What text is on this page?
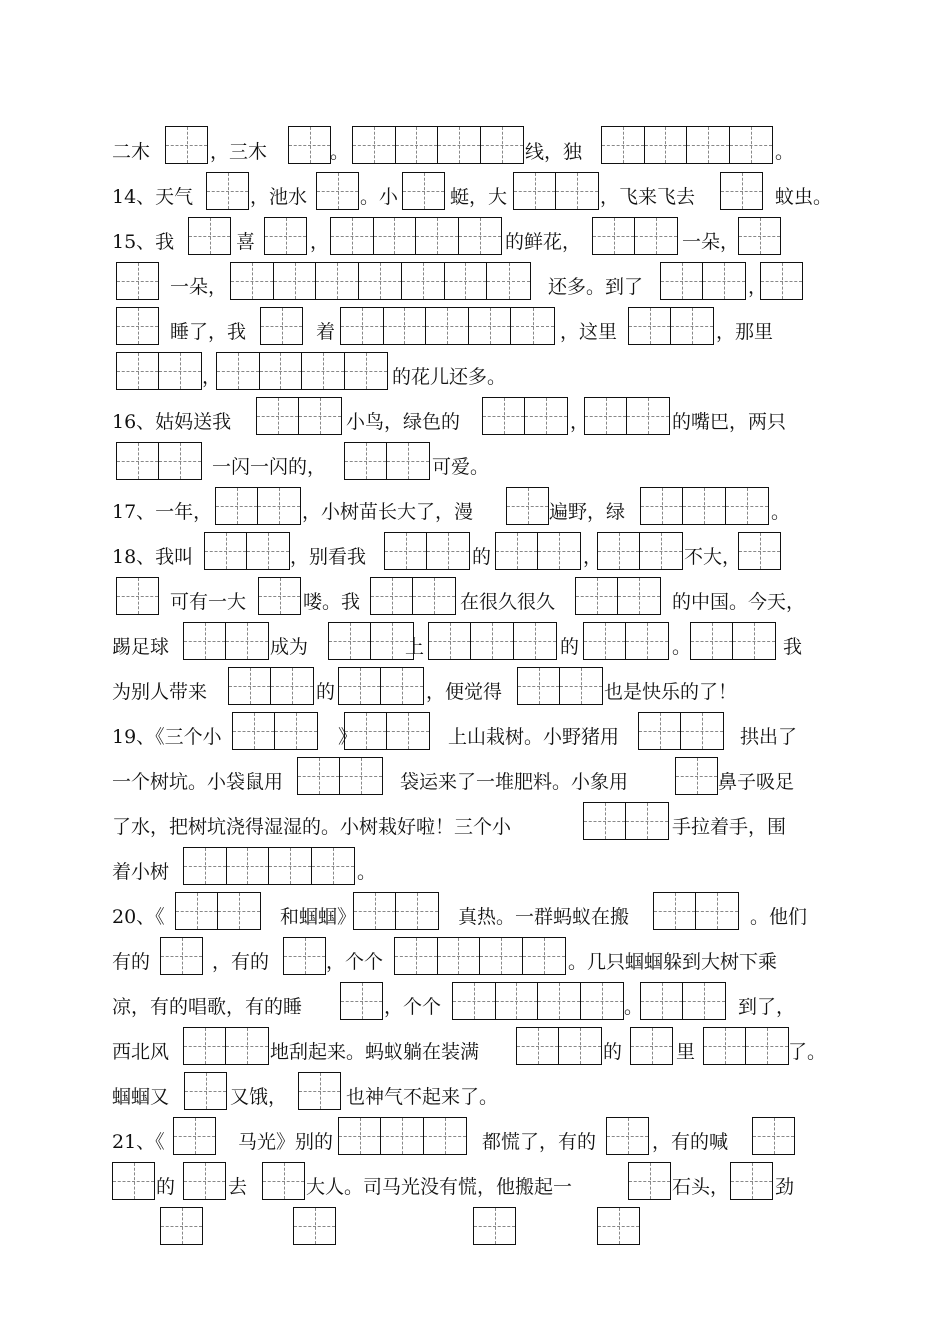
二木	，三木	。	线，独	。
14、天气	，池水	。小	蜓，大	，飞来飞去	蚊虫。
15、我	喜	，	的鲜花，	一朵，
一朵，	还多。到了	，
睡了，我	着	，这里	，那里
，	的花儿还多。
16、姑妈送我	小鸟，绿色的	，	的嘴巴，两只
一闪一闪的，	可爱。
17、一年，	，小树苗长大了，漫	遍野，绿	。
18、我叫	，别看我	的	，	不大，
可有一大	喽。我	在很久很久	的中国。今天，
踢足球	成为	上	的	。	我
为别人带来	的	，便觉得	也是快乐的了！
19、《三个小	》	上山栽树。小野猪用	拱出了
一个树坑。小袋鼠用	袋运来了一堆肥料。小象用	鼻子吸足
了水，把树坑浇得湿湿的。小树栽好啦！三个小	手拉着手，围
着小树	。
20、《	和蝈蝈》	真热。一群蚂蚁在搬	。他们
有的	，有的	，个个	。几只蝈蝈躲到大树下乘
凉，有的唱歌，有的睡	，个个	。	到了，
西北风	地刮起来。蚂蚁躺在装满	的	里	了。
蝈蝈又	又饿，	也神气不起来了。
21、《	马光》别的	都慌了，有的	，有的喊
的	去	大人。司马光没有慌，他搬起一	石头， 劲
